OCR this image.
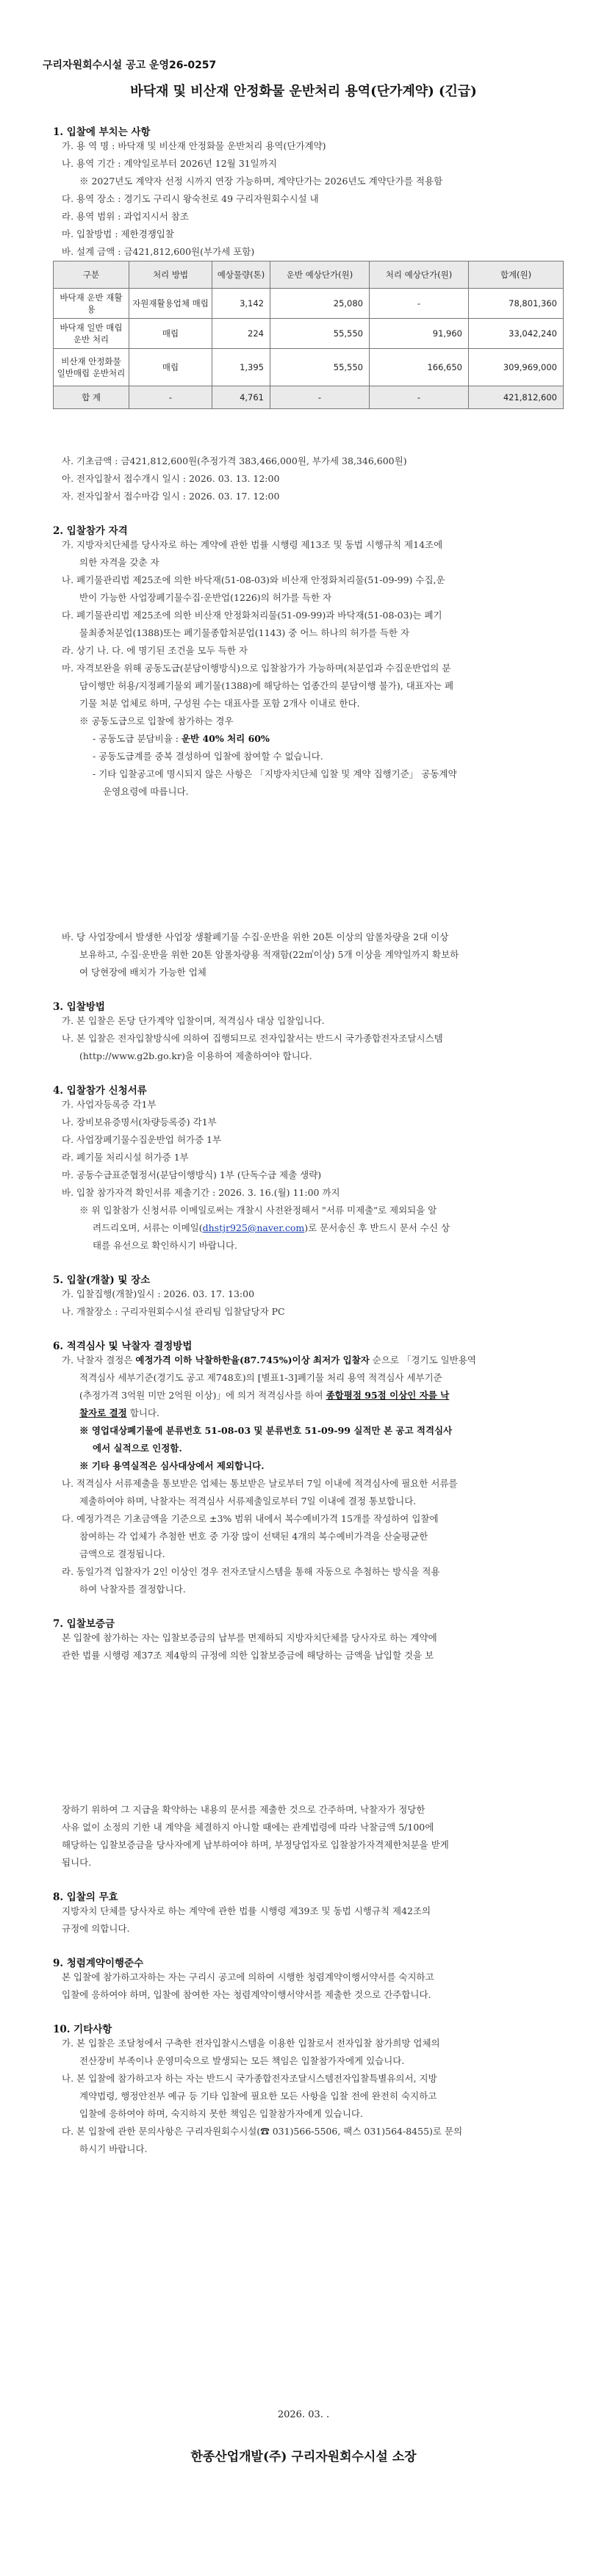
구리자원회수시설 공고 운영26-0257
바닥재 및 비산재 안정화물 운반처리 용역(단가계약) (긴급)
1. 입찰에 부치는 사항
가. 용 역 명 : 바닥재 및 비산재 안정화물 운반처리 용역(단가계약)
나. 용역 기간 : 계약일로부터 2026년 12월 31일까지
※ 2027년도 계약자 선정 시까지 연장 가능하며, 계약단가는 2026년도 계약단가를 적용함
다. 용역 장소 : 경기도 구리시 왕숙천로 49 구리자원회수시설 내
라. 용역 범위 : 과업지시서 참조
마. 입찰방법 : 제한경쟁입찰
바. 설계 금액 : 금421,812,600원(부가세 포함)
구분	처리 방법	예상물량(톤)	운반 예상단가(원)	처리 예상단가(원)	합계(원)
바닥재 운반 재활용	자원재활용업체 매립	3,142	25,080	-	78,801,360
바닥재 일반 매립 운반 처리	매립	224	55,550	91,960	33,042,240
비산재 안정화물 일반매립 운반처리	매립	1,395	55,550	166,650	309,969,000
합 계	-	4,761	-	-	421,812,600
사. 기초금액 : 금421,812,600원(추정가격 383,466,000원, 부가세 38,346,600원)
아. 전자입찰서 접수개시 일시 : 2026. 03. 13. 12:00
자. 전자입찰서 접수마감 일시 : 2026. 03. 17. 12:00
2. 입찰참가 자격
가. 지방자치단체를 당사자로 하는 계약에 관한 법률 시행령 제13조 및 동법 시행규칙 제14조에
의한 자격을 갖춘 자
나. 폐기물관리법 제25조에 의한 바닥재(51-08-03)와 비산재 안정화처리물(51-09-99) 수집,운
반이 가능한 사업장폐기물수집·운반업(1226)의 허가를 득한 자
다. 폐기물관리법 제25조에 의한 비산재 안정화처리물(51-09-99)과 바닥재(51-08-03)는 폐기
물최종처분업(1388)또는 폐기물종합처분업(1143) 중 어느 하나의 허가를 득한 자
라. 상기 나. 다. 에 명기된 조건을 모두 득한 자
마. 자격보완을 위해 공동도급(분담이행방식)으로 입찰참가가 가능하며(처분업과 수집운반업의 분
담이행만 허용/지정폐기물외 폐기물(1388)에 해당하는 업종간의 분담이행 불가), 대표자는 폐
기물 처분 업체로 하며, 구성원 수는 대표사를 포함 2개사 이내로 한다.
※ 공동도급으로 입찰에 참가하는 경우
- 공동도급 분담비율 : 운반 40% 처리 60%
- 공동도급계를 중복 결성하여 입찰에 참여할 수 없습니다.
- 기타 입찰공고에 명시되지 않은 사항은 「지방자치단체 입찰 및 계약 집행기준」 공동계약
운영요령에 따릅니다.
바. 당 사업장에서 발생한 사업장 생활폐기물 수집·운반을 위한 20톤 이상의 암롤차량을 2대 이상
보유하고, 수집·운반을 위한 20톤 암롤차량용 적재함(22㎥이상) 5개 이상을 계약일까지 확보하
여 당현장에 배치가 가능한 업체
3. 입찰방법
가. 본 입찰은 돈당 단가계약 입찰이며, 적격심사 대상 입찰입니다.
나. 본 입찰은 전자입찰방식에 의하여 집행되므로 전자입찰서는 반드시 국가종합전자조달시스템
(http://www.g2b.go.kr)을 이용하여 제출하여야 합니다.
4. 입찰참가 신청서류
가. 사업자등록증 각1부
나. 장비보유증명서(차량등록증) 각1부
다. 사업장폐기물수집운반업 허가증 1부
라. 폐기물 처리시설 허가증 1부
마. 공동수급표준협정서(분담이행방식) 1부 (단독수급 제출 생략)
바. 입찰 참가자격 확인서류 제출기간 : 2026. 3. 16.(월) 11:00 까지
※ 위 입찰참가 신청서류 이메일로써는 개찰시 사전완정해서 "서류 미제출"로 제외되을 알
려드리오며, 서류는 이메일(dhstjr925@naver.com)로 문서송신 후 반드시 문서 수신 상
태를 유선으로 확인하시기 바랍니다.
5. 입찰(개찰) 및 장소
가. 입찰집행(개찰)일시 : 2026. 03. 17. 13:00
나. 개찰장소 : 구리자원회수시설 관리팀 입찰담당자 PC
6. 적격심사 및 낙찰자 결정방법
가. 낙찰자 결정은 예정가격 이하 낙찰하한율(87.745%)이상 최저가 입찰자 순으로 「경기도 일반용역
적격심사 세부기준(경기도 공고 제748호)의 [별표1-3]폐기물 처리 용역 적격심사 세부기준
(추정가격 3억원 미만 2억원 이상)」에 의거 적격심사를 하여 종합평점 95점 이상인 자를 낙
찰자로 결정 합니다.
※ 영업대상폐기물에 분류번호 51-08-03 및 분류번호 51-09-99 실적만 본 공고 적격심사
에서 실적으로 인정함.
※ 기타 용역실적은 심사대상에서 제외합니다.
나. 적격심사 서류제출을 통보받은 업체는 통보받은 날로부터 7일 이내에 적격심사에 필요한 서류를
제출하여야 하며, 낙찰자는 적격심사 서류제출일로부터 7일 이내에 결정 통보합니다.
다. 예정가격은 기초금액을 기준으로 ±3% 범위 내에서 복수예비가격 15개를 작성하여 입찰에
참여하는 각 업체가 추첨한 번호 중 가장 많이 선택된 4개의 복수예비가격을 산술평균한
금액으로 결정됩니다.
라. 동일가격 입찰자가 2인 이상인 경우 전자조달시스템을 통해 자동으로 추첨하는 방식을 적용
하여 낙찰자를 결정합니다.
7. 입찰보증금
본 입찰에 참가하는 자는 입찰보증금의 납부를 면제하되 지방자치단체를 당사자로 하는 계약에
관한 법률 시행령 제37조 제4항의 규정에 의한 입찰보증금에 해당하는 금액을 납입할 것을 보
장하기 위하여 그 지급을 확약하는 내용의 문서를 제출한 것으로 간주하며, 낙찰자가 정당한
사유 없이 소정의 기한 내 계약을 체결하지 아니할 때에는 관계법령에 따라 낙찰금액 5/100에
해당하는 입찰보증금을 당사자에게 납부하여야 하며, 부정당업자로 입찰참가자격제한처분을 받게
됩니다.
8. 입찰의 무효
지방자치 단체를 당사자로 하는 계약에 관한 법률 시행령 제39조 및 동법 시행규칙 제42조의
규정에 의합니다.
9. 청렴계약이행준수
본 입찰에 참가하고자하는 자는 구리시 공고에 의하여 시행한 청렴계약이행서약서를 숙지하고
입찰에 응하여야 하며, 입찰에 참여한 자는 청렴계약이행서약서를 제출한 것으로 간주합니다.
10. 기타사항
가. 본 입찰은 조달청에서 구축한 전자입찰시스템을 이용한 입찰로서 전자입찰 참가희망 업체의
전산장비 부족이나 운영미숙으로 발생되는 모든 책임은 입찰참가자에게 있습니다.
나. 본 입찰에 참가하고자 하는 자는 반드시 국가종합전자조달시스템전자입찰특별유의서, 지방
계약법령, 행정안전부 예규 등 기타 입찰에 필요한 모든 사항을 입찰 전에 완전히 숙지하고
입찰에 응하여야 하며, 숙지하지 못한 책임은 입찰참가자에게 있습니다.
다. 본 입찰에 관한 문의사항은 구리자원회수시설(☎ 031)566-5506, 팩스 031)564-8455)로 문의
하시기 바랍니다.
2026. 03. .
한종산업개발(주) 구리자원회수시설 소장
